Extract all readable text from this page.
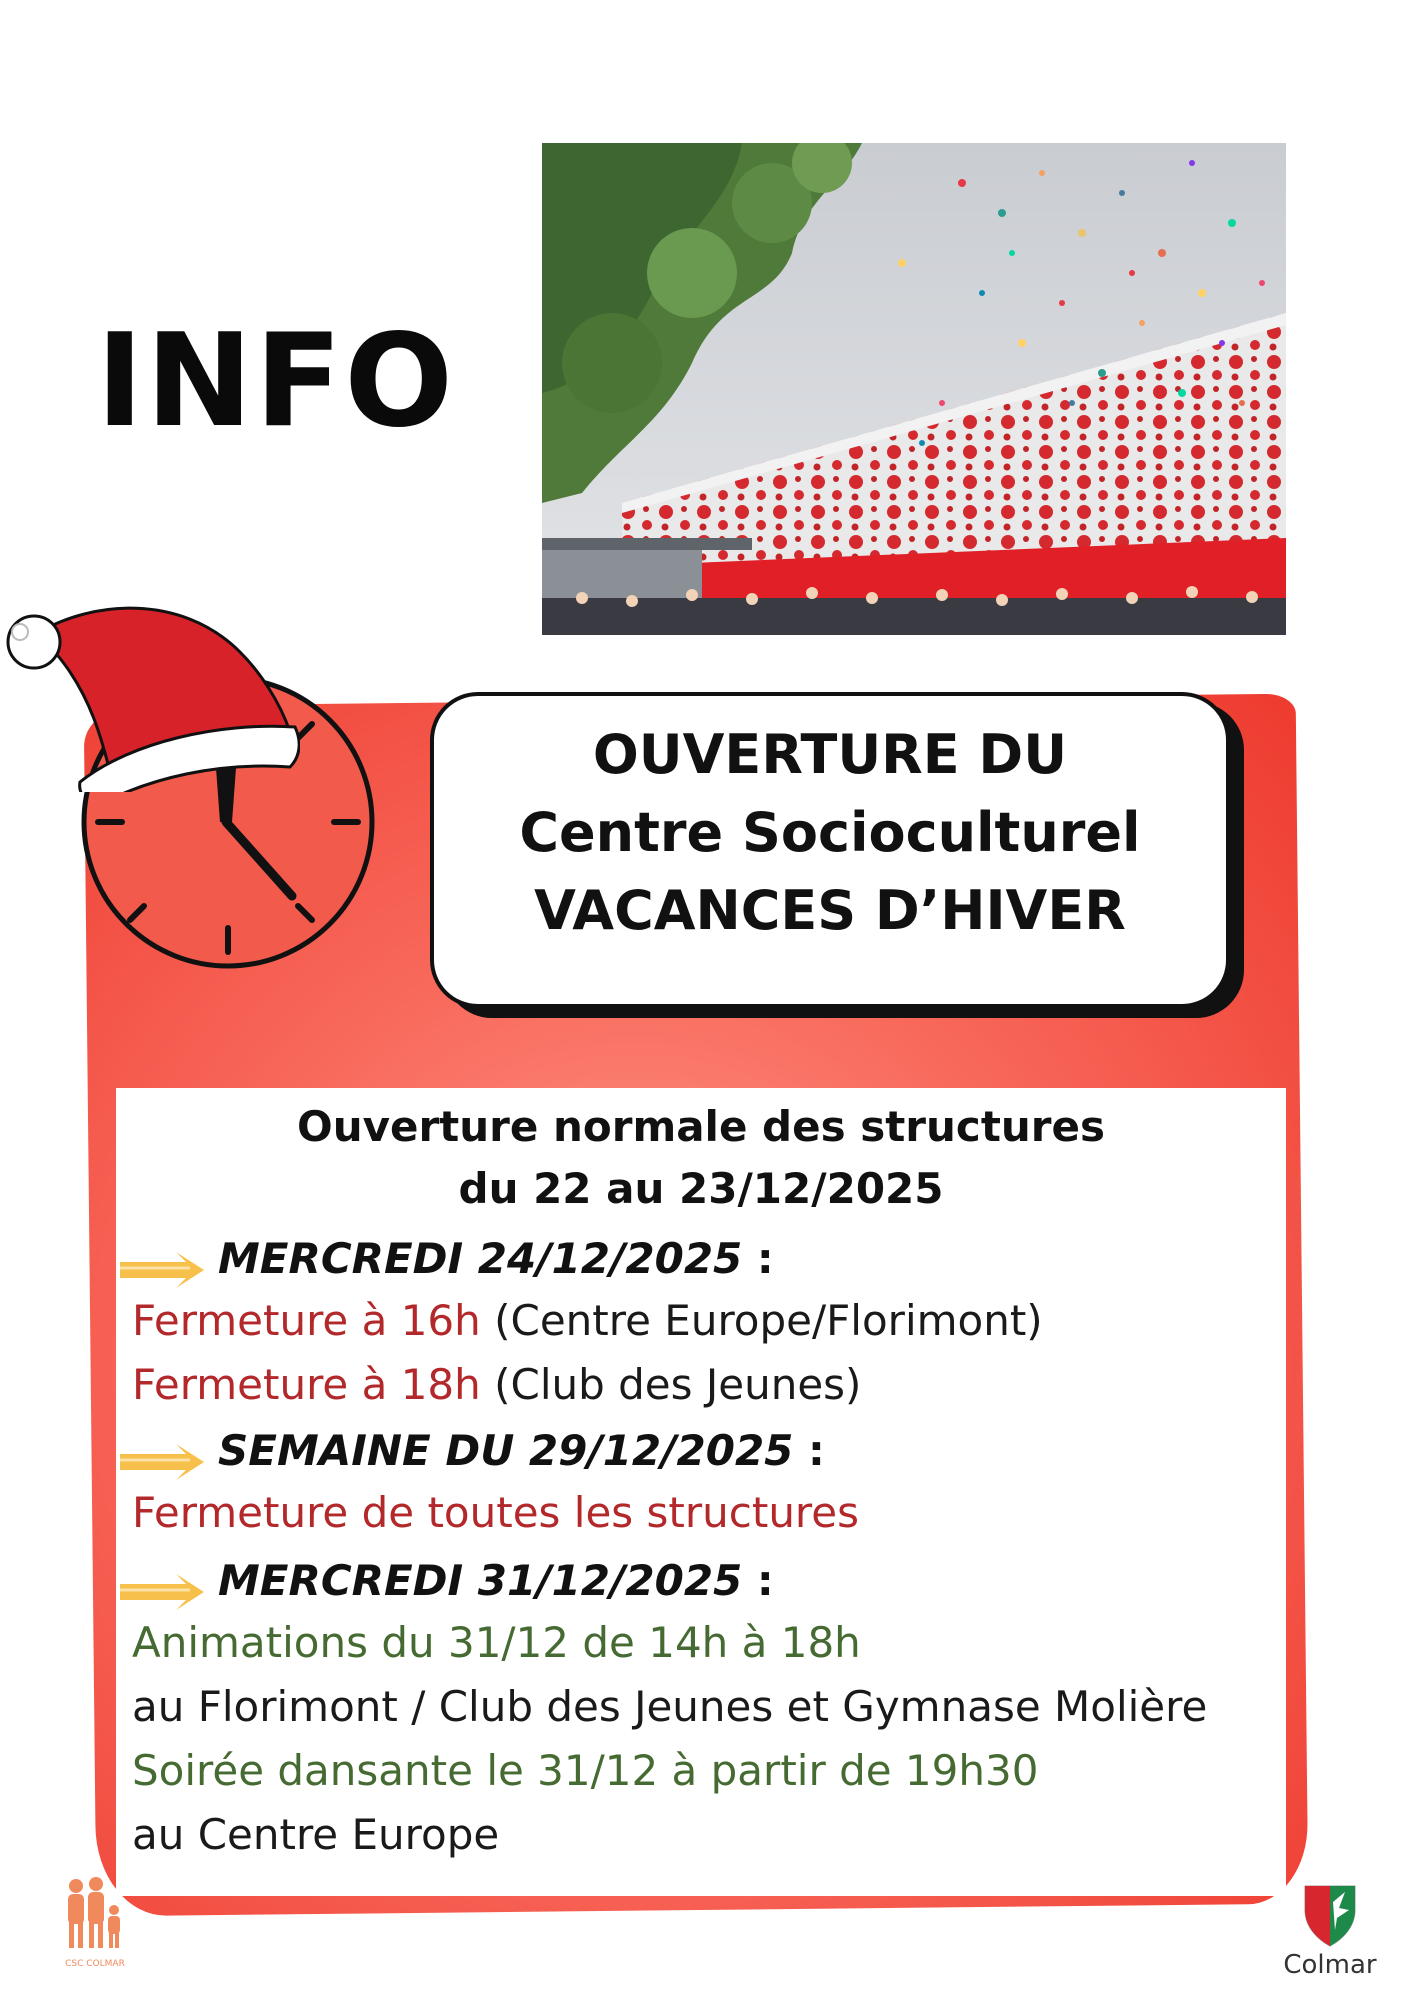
INFO
OUVERTURE DU
Centre Socioculturel
VACANCES D’HIVER
Ouverture normale des structures
du 22 au 23/12/2025
MERCREDI 24/12/2025 :
Fermeture à 16h (Centre Europe/Florimont)
Fermeture à 18h (Club des Jeunes)
SEMAINE DU 29/12/2025 :
Fermeture de toutes les structures
MERCREDI 31/12/2025 :
Animations du 31/12 de 14h à 18h
au Florimont / Club des Jeunes et Gymnase Molière
Soirée dansante le 31/12 à partir de 19h30
au Centre Europe
CSC COLMAR	Colmar
